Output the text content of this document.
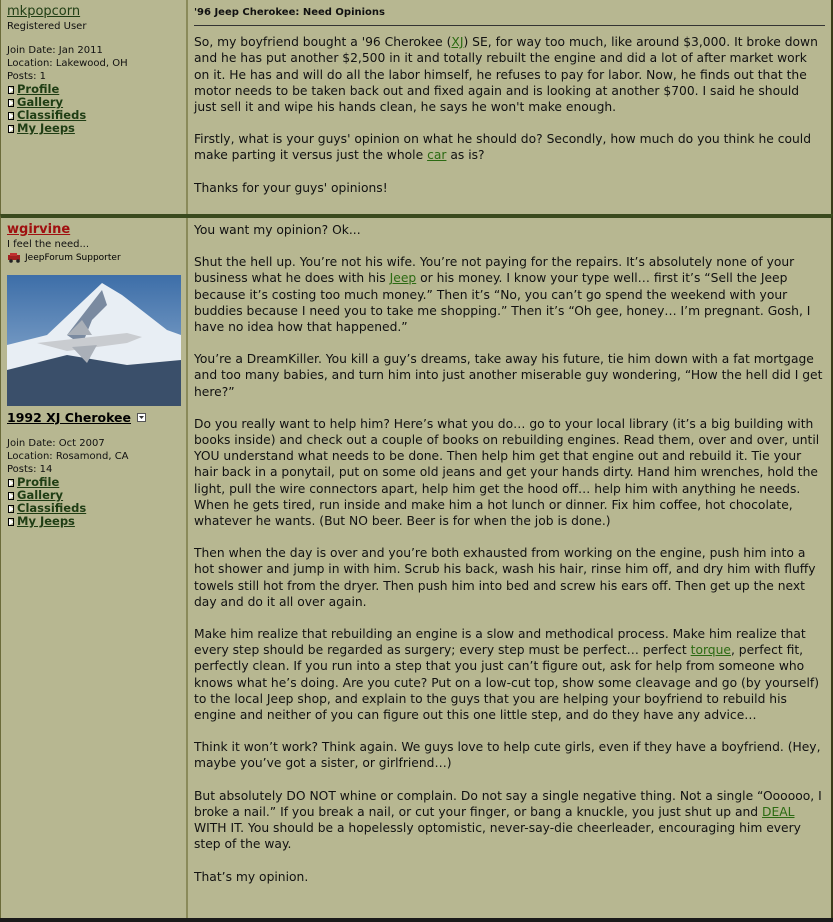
mkpopcorn
Registered User
Join Date: Jan 2011
Location: Lakewood, OH
Posts: 1
Profile
Gallery
Classifieds
My Jeeps
'96 Jeep Cherokee: Need Opinions

So, my boyfriend bought a '96 Cherokee (XJ) SE, for way too much, like around $3,000. It broke down and he has put another $2,500 in it and totally rebuilt the engine and did a lot of after market work on it. He has and will do all the labor himself, he refuses to pay for labor. Now, he finds out that the motor needs to be taken back out and fixed again and is looking at another $700. I said he should just sell it and wipe his hands clean, he says he won't make enough.

Firstly, what is your guys' opinion on what he should do? Secondly, how much do you think he could make parting it versus just the whole car as is?

Thanks for your guys' opinions!

wgirvine
I feel the need...
JeepForum Supporter
1992 XJ Cherokee
Join Date: Oct 2007
Location: Rosamond, CA
Posts: 14
Profile
Gallery
Classifieds
My Jeeps

You want my opinion? Ok...

Shut the hell up. You’re not his wife. You’re not paying for the repairs. It’s absolutely none of your business what he does with his Jeep or his money. I know your type well… first it’s “Sell the Jeep because it’s costing too much money.” Then it’s “No, you can’t go spend the weekend with your buddies because I need you to take me shopping.” Then it’s “Oh gee, honey… I’m pregnant. Gosh, I have no idea how that happened.”

You’re a DreamKiller. You kill a guy’s dreams, take away his future, tie him down with a fat mortgage and too many babies, and turn him into just another miserable guy wondering, “How the hell did I get here?”

Do you really want to help him? Here’s what you do… go to your local library (it’s a big building with books inside) and check out a couple of books on rebuilding engines. Read them, over and over, until YOU understand what needs to be done. Then help him get that engine out and rebuild it. Tie your hair back in a ponytail, put on some old jeans and get your hands dirty. Hand him wrenches, hold the light, pull the wire connectors apart, help him get the hood off… help him with anything he needs. When he gets tired, run inside and make him a hot lunch or dinner. Fix him coffee, hot chocolate, whatever he wants. (But NO beer. Beer is for when the job is done.)

Then when the day is over and you’re both exhausted from working on the engine, push him into a hot shower and jump in with him. Scrub his back, wash his hair, rinse him off, and dry him with fluffy towels still hot from the dryer. Then push him into bed and screw his ears off. Then get up the next day and do it all over again.

Make him realize that rebuilding an engine is a slow and methodical process. Make him realize that every step should be regarded as surgery; every step must be perfect… perfect torque, perfect fit, perfectly clean. If you run into a step that you just can’t figure out, ask for help from someone who knows what he’s doing. Are you cute? Put on a low-cut top, show some cleavage and go (by yourself) to the local Jeep shop, and explain to the guys that you are helping your boyfriend to rebuild his engine and neither of you can figure out this one little step, and do they have any advice…

Think it won’t work? Think again. We guys love to help cute girls, even if they have a boyfriend. (Hey, maybe you’ve got a sister, or girlfriend…)

But absolutely DO NOT whine or complain. Do not say a single negative thing. Not a single “Oooooo, I broke a nail.” If you break a nail, or cut your finger, or bang a knuckle, you just shut up and DEAL WITH IT. You should be a hopelessly optomistic, never-say-die cheerleader, encouraging him every step of the way.

That’s my opinion.
